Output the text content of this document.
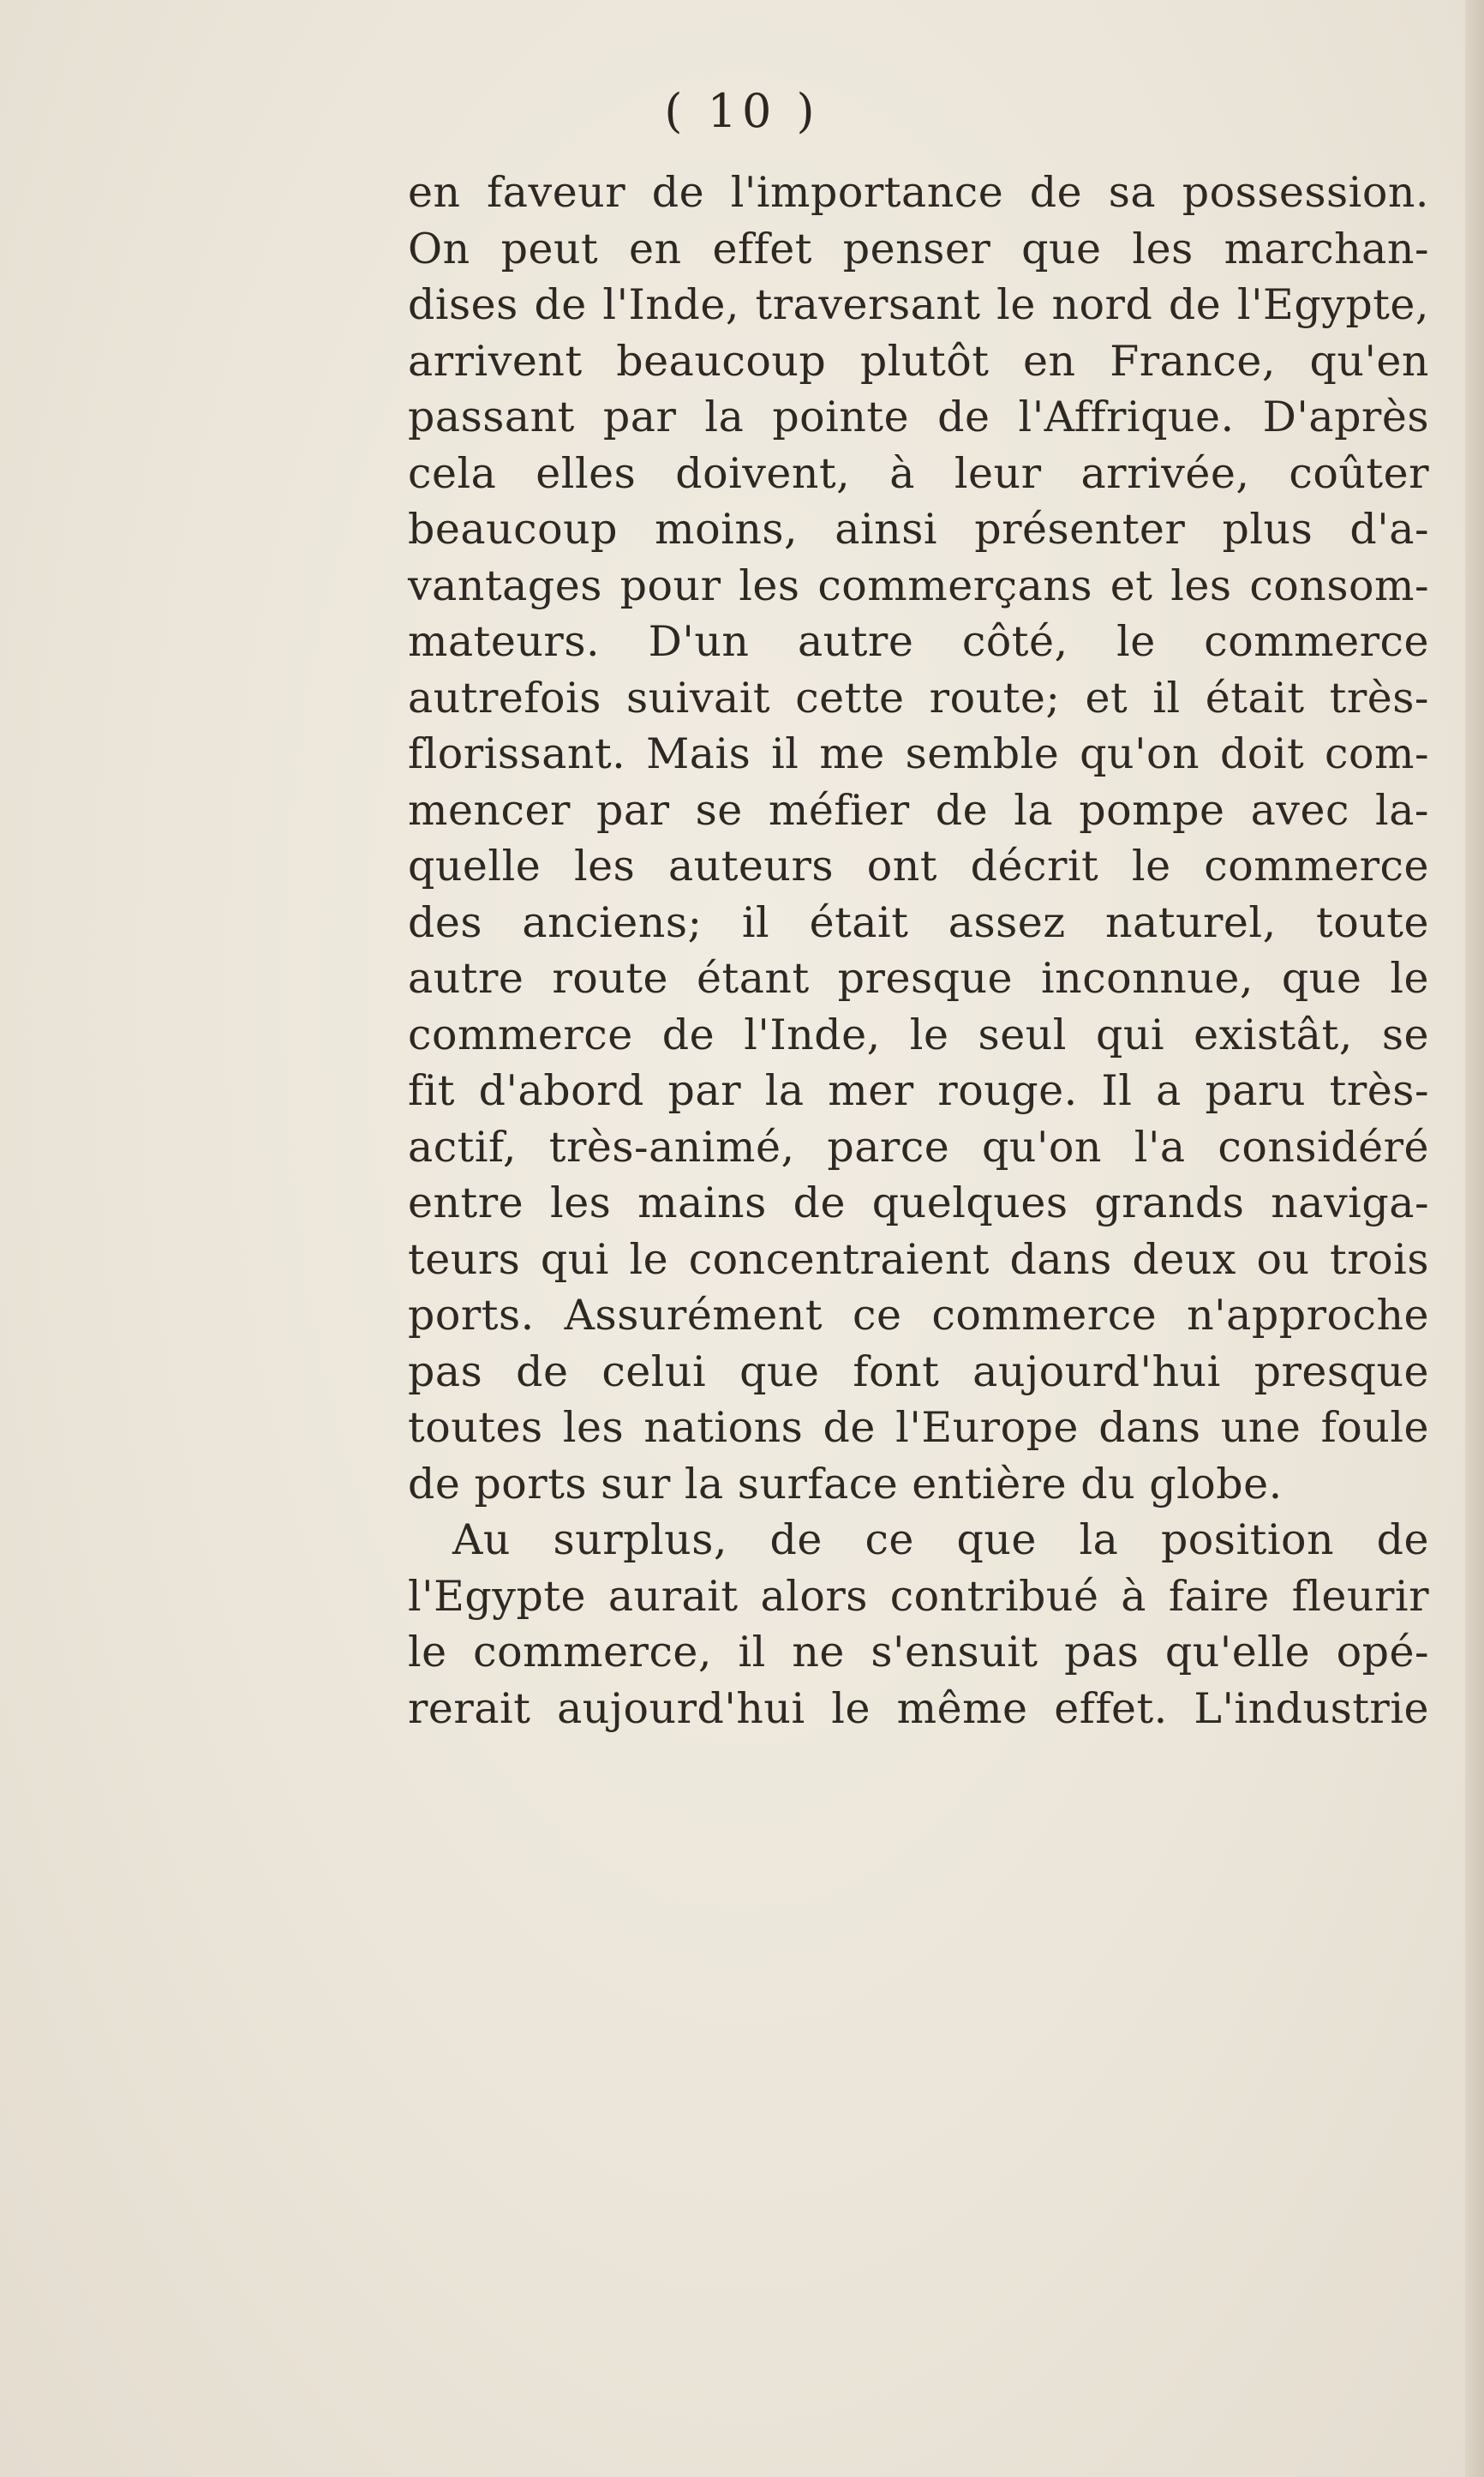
( 10 )
en faveur de l'importance de sa possession.
On peut en effet penser que les marchan-
dises de l'Inde, traversant le nord de l'Egypte,
arrivent beaucoup plutôt en France, qu'en
passant par la pointe de l'Affrique. D'après
cela elles doivent, à leur arrivée, coûter
beaucoup moins, ainsi présenter plus d'a-
vantages pour les commerçans et les consom-
mateurs. D'un autre côté, le commerce
autrefois suivait cette route; et il était très-
florissant. Mais il me semble qu'on doit com-
mencer par se méfier de la pompe avec la-
quelle les auteurs ont décrit le commerce
des anciens; il était assez naturel, toute
autre route étant presque inconnue, que le
commerce de l'Inde, le seul qui existât, se
fit d'abord par la mer rouge. Il a paru très-
actif, très-animé, parce qu'on l'a considéré
entre les mains de quelques grands naviga-
teurs qui le concentraient dans deux ou trois
ports. Assurément ce commerce n'approche
pas de celui que font aujourd'hui presque
toutes les nations de l'Europe dans une foule
de ports sur la surface entière du globe.
Au surplus, de ce que la position de
l'Egypte aurait alors contribué à faire fleurir
le commerce, il ne s'ensuit pas qu'elle opé-
rerait aujourd'hui le même effet. L'industrie
